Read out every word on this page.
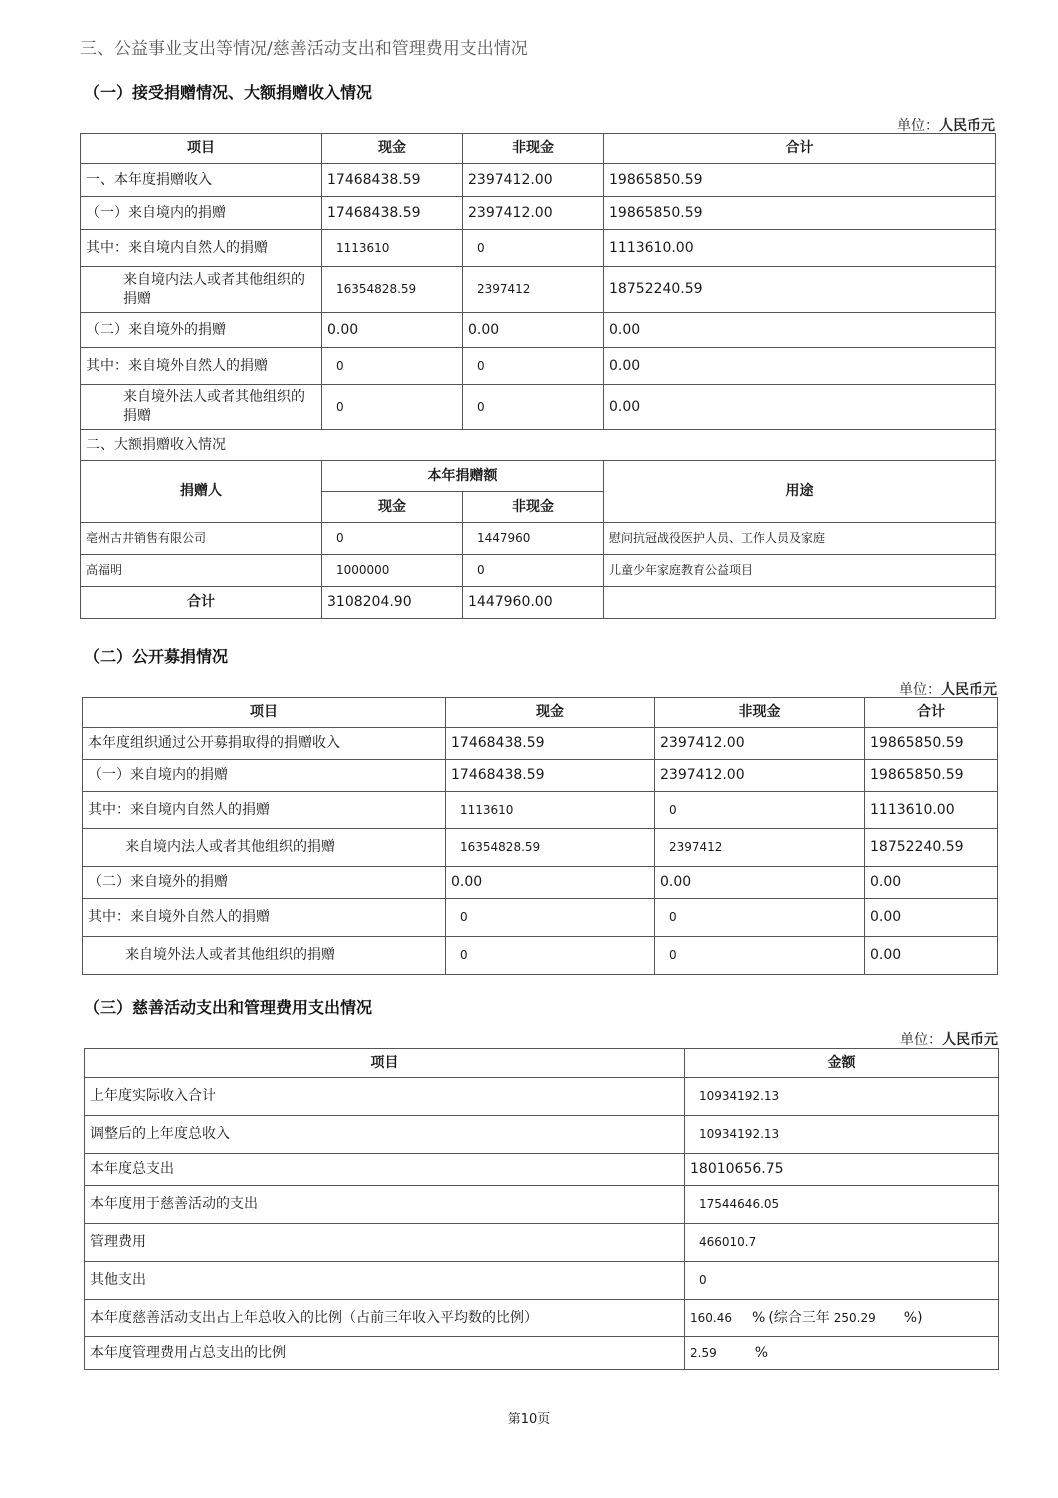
三、公益事业支出等情况/慈善活动支出和管理费用支出情况
（一）接受捐赠情况、大额捐赠收入情况
单位：人民币元
项目	现金	非现金	合计
一、本年度捐赠收入	17468438.59	2397412.00	19865850.59
（一）来自境内的捐赠	17468438.59	2397412.00	19865850.59
其中：来自境内自然人的捐赠	1113610	0	1113610.00
来自境内法人或者其他组织的捐赠	16354828.59	2397412	18752240.59
（二）来自境外的捐赠	0.00	0.00	0.00
其中：来自境外自然人的捐赠	0	0	0.00
来自境外法人或者其他组织的捐赠	0	0	0.00
二、大额捐赠收入情况			
捐赠人	本年捐赠额		用途
	现金	非现金	
亳州古井销售有限公司	0	1447960	慰问抗冠战役医护人员、工作人员及家庭
高福明	1000000	0	儿童少年家庭教育公益项目
合计	3108204.90	1447960.00	
（二）公开募捐情况
单位：人民币元
项目	现金	非现金	合计
本年度组织通过公开募捐取得的捐赠收入	17468438.59	2397412.00	19865850.59
（一）来自境内的捐赠	17468438.59	2397412.00	19865850.59
其中：来自境内自然人的捐赠	1113610	0	1113610.00
来自境内法人或者其他组织的捐赠	16354828.59	2397412	18752240.59
（二）来自境外的捐赠	0.00	0.00	0.00
其中：来自境外自然人的捐赠	0	0	0.00
来自境外法人或者其他组织的捐赠	0	0	0.00
（三）慈善活动支出和管理费用支出情况
单位：人民币元
项目	金额
上年度实际收入合计	10934192.13
调整后的上年度总收入	10934192.13
本年度总支出	18010656.75
本年度用于慈善活动的支出	17544646.05
管理费用	466010.7
其他支出	0
本年度慈善活动支出占上年总收入的比例（占前三年收入平均数的比例）	160.46 % (综合三年 250.29 %)
本年度管理费用占总支出的比例	2.59 %
第10页
